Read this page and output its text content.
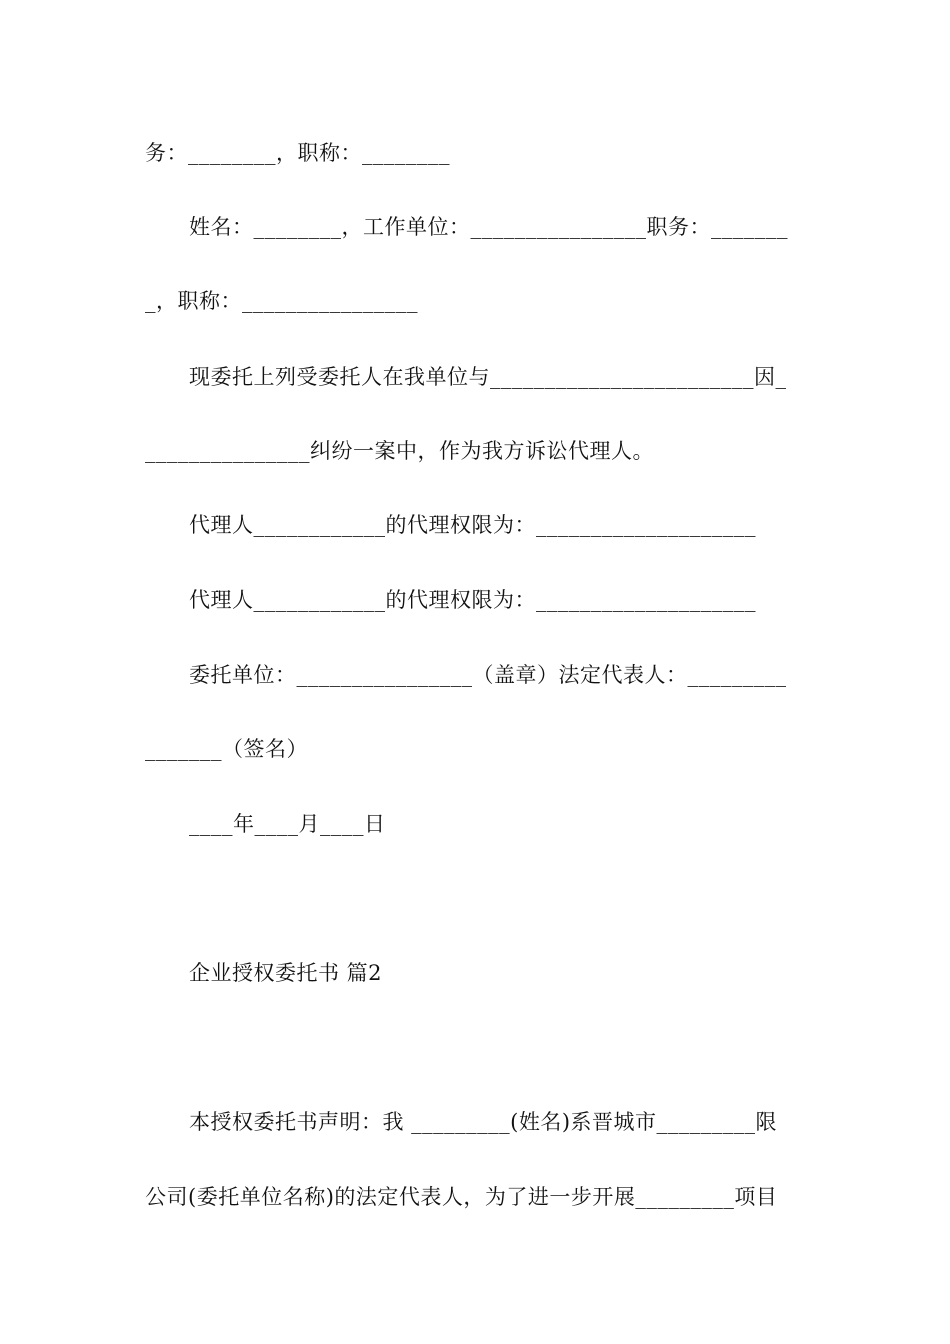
务：________，职称：________
姓名：________，工作单位：________________职务：_______
_，职称：________________
现委托上列受委托人在我单位与________________________因_
_______________纠纷一案中，作为我方诉讼代理人。
代理人____________的代理权限为：____________________
代理人____________的代理权限为：____________________
委托单位：________________（盖章）法定代表人：_________
_______（签名）
____年____月____日
企业授权委托书 篇2
本授权委托书声明：我 _________(姓名)系晋城市_________限
公司(委托单位名称)的法定代表人，为了进一步开展_________项目
